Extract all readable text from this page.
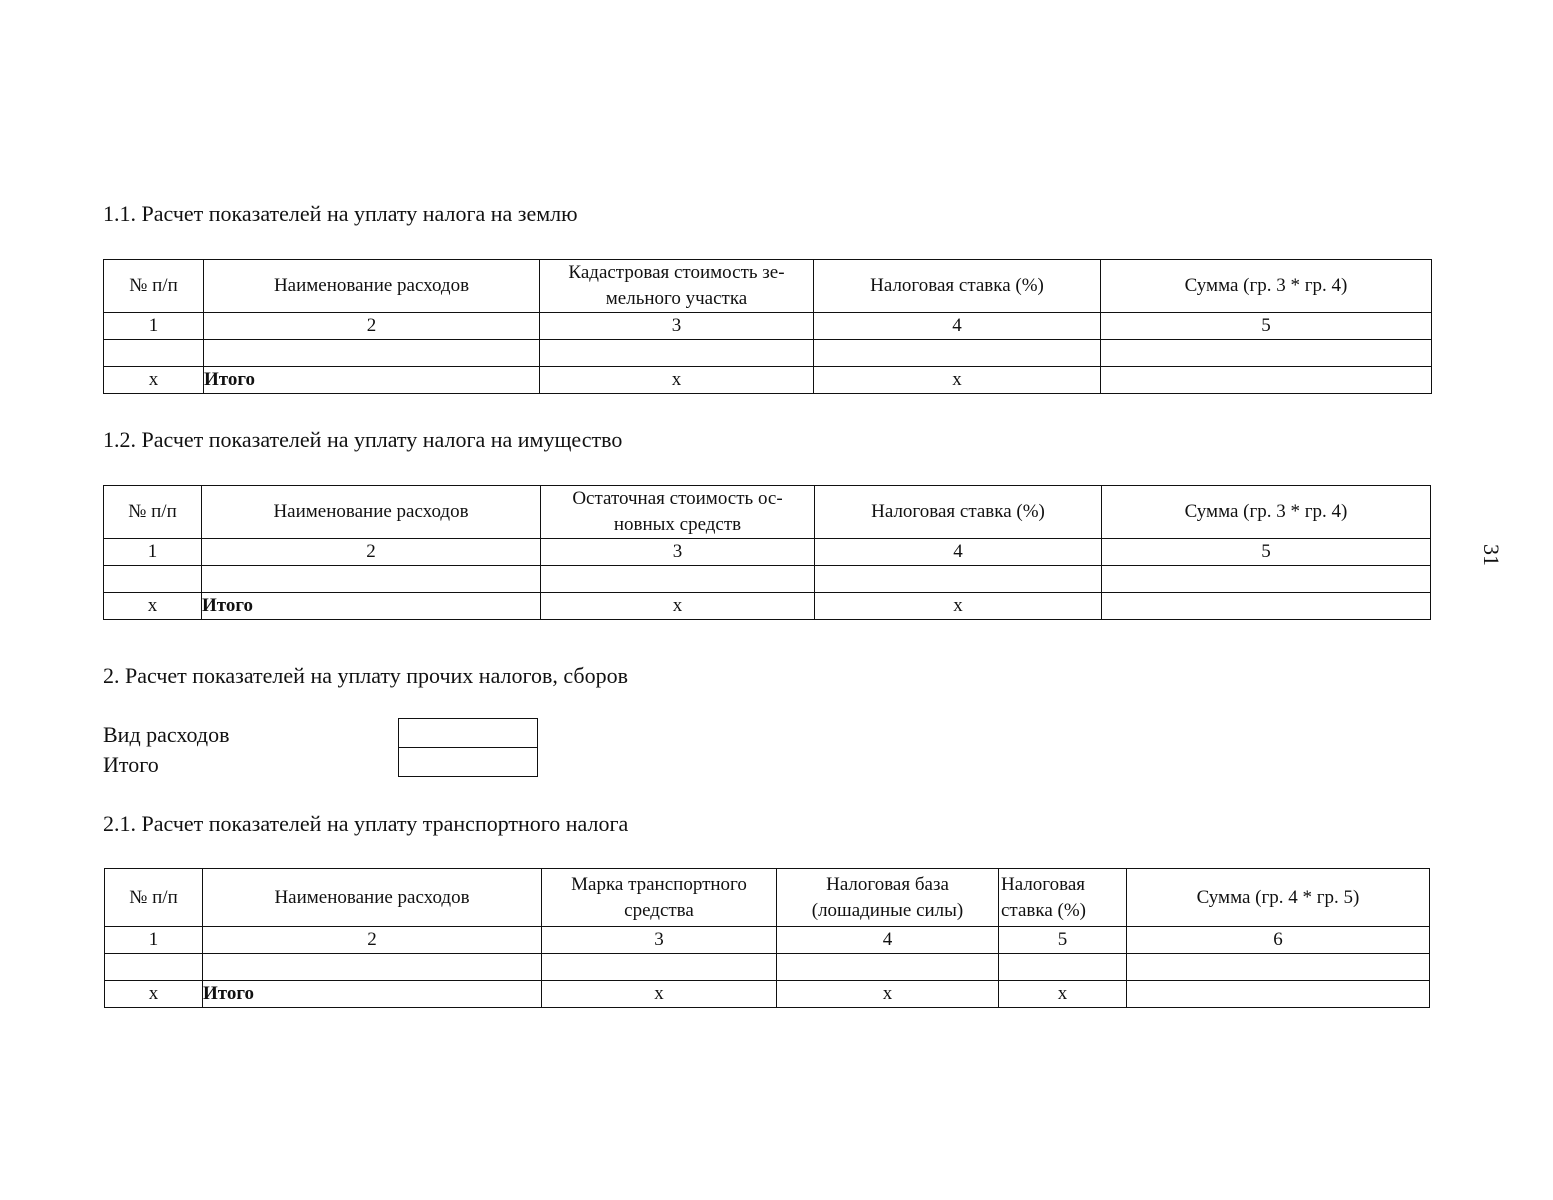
1.1. Расчет показателей на уплату налога на землю
№ п/п	Наименование расходов	Кадастровая стоимость зе-мельного участка	Налоговая ставка (%)	Сумма (гр. 3 * гр. 4)
1	2	3	4	5

x	Итого	x	x	
1.2. Расчет показателей на уплату налога на имущество
№ п/п	Наименование расходов	Остаточная стоимость ос-новных средств	Налоговая ставка (%)	Сумма (гр. 3 * гр. 4)
1	2	3	4	5

x	Итого	x	x	
31
2. Расчет показателей на уплату прочих налогов, сборов
Вид расходов
Итого
2.1. Расчет показателей на уплату транспортного налога
№ п/п	Наименование расходов	Марка транспортного средства	Налоговая база (лошадиные силы)	Налоговая ставка (%)	Сумма (гр. 4 * гр. 5)
1	2	3	4	5	6

x	Итого	x	x	x	
